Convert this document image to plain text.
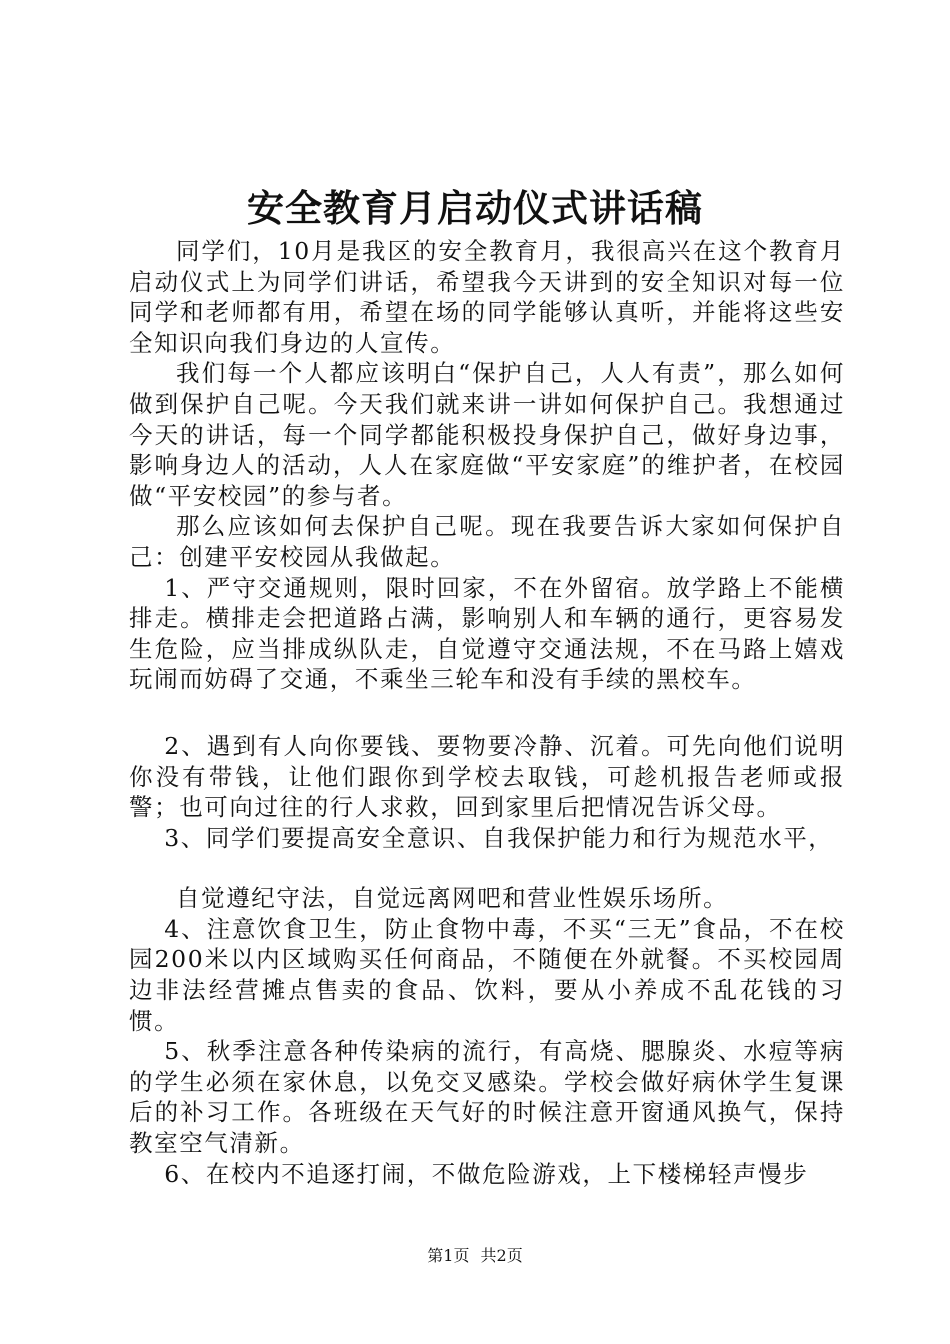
安全教育月启动仪式讲话稿

同学们，10月是我区的安全教育月，我很高兴在这个教育月启动仪式上为同学们讲话，希望我今天讲到的安全知识对每一位同学和老师都有用，希望在场的同学能够认真听，并能将这些安全知识向我们身边的人宣传。

我们每一个人都应该明白“保护自己，人人有责”，那么如何做到保护自己呢。今天我们就来讲一讲如何保护自己。我想通过今天的讲话，每一个同学都能积极投身保护自己，做好身边事，影响身边人的活动，人人在家庭做“平安家庭”的维护者，在校园做“平安校园”的参与者。

那么应该如何去保护自己呢。现在我要告诉大家如何保护自己：创建平安校园从我做起。

1、严守交通规则，限时回家，不在外留宿。放学路上不能横排走。横排走会把道路占满，影响别人和车辆的通行，更容易发生危险，应当排成纵队走，自觉遵守交通法规，不在马路上嬉戏玩闹而妨碍了交通，不乘坐三轮车和没有手续的黑校车。

2、遇到有人向你要钱、要物要冷静、沉着。可先向他们说明你没有带钱，让他们跟你到学校去取钱，可趁机报告老师或报警；也可向过往的行人求救，回到家里后把情况告诉父母。

3、同学们要提高安全意识、自我保护能力和行为规范水平，

自觉遵纪守法，自觉远离网吧和营业性娱乐场所。

4、注意饮食卫生，防止食物中毒，不买“三无”食品，不在校园200米以内区域购买任何商品，不随便在外就餐。不买校园周边非法经营摊点售卖的食品、饮料，要从小养成不乱花钱的习惯。

5、秋季注意各种传染病的流行，有高烧、腮腺炎、水痘等病的学生必须在家休息，以免交叉感染。学校会做好病休学生复课后的补习工作。各班级在天气好的时候注意开窗通风换气，保持教室空气清新。

6、在校内不追逐打闹，不做危险游戏，上下楼梯轻声慢步

第1页 共2页
